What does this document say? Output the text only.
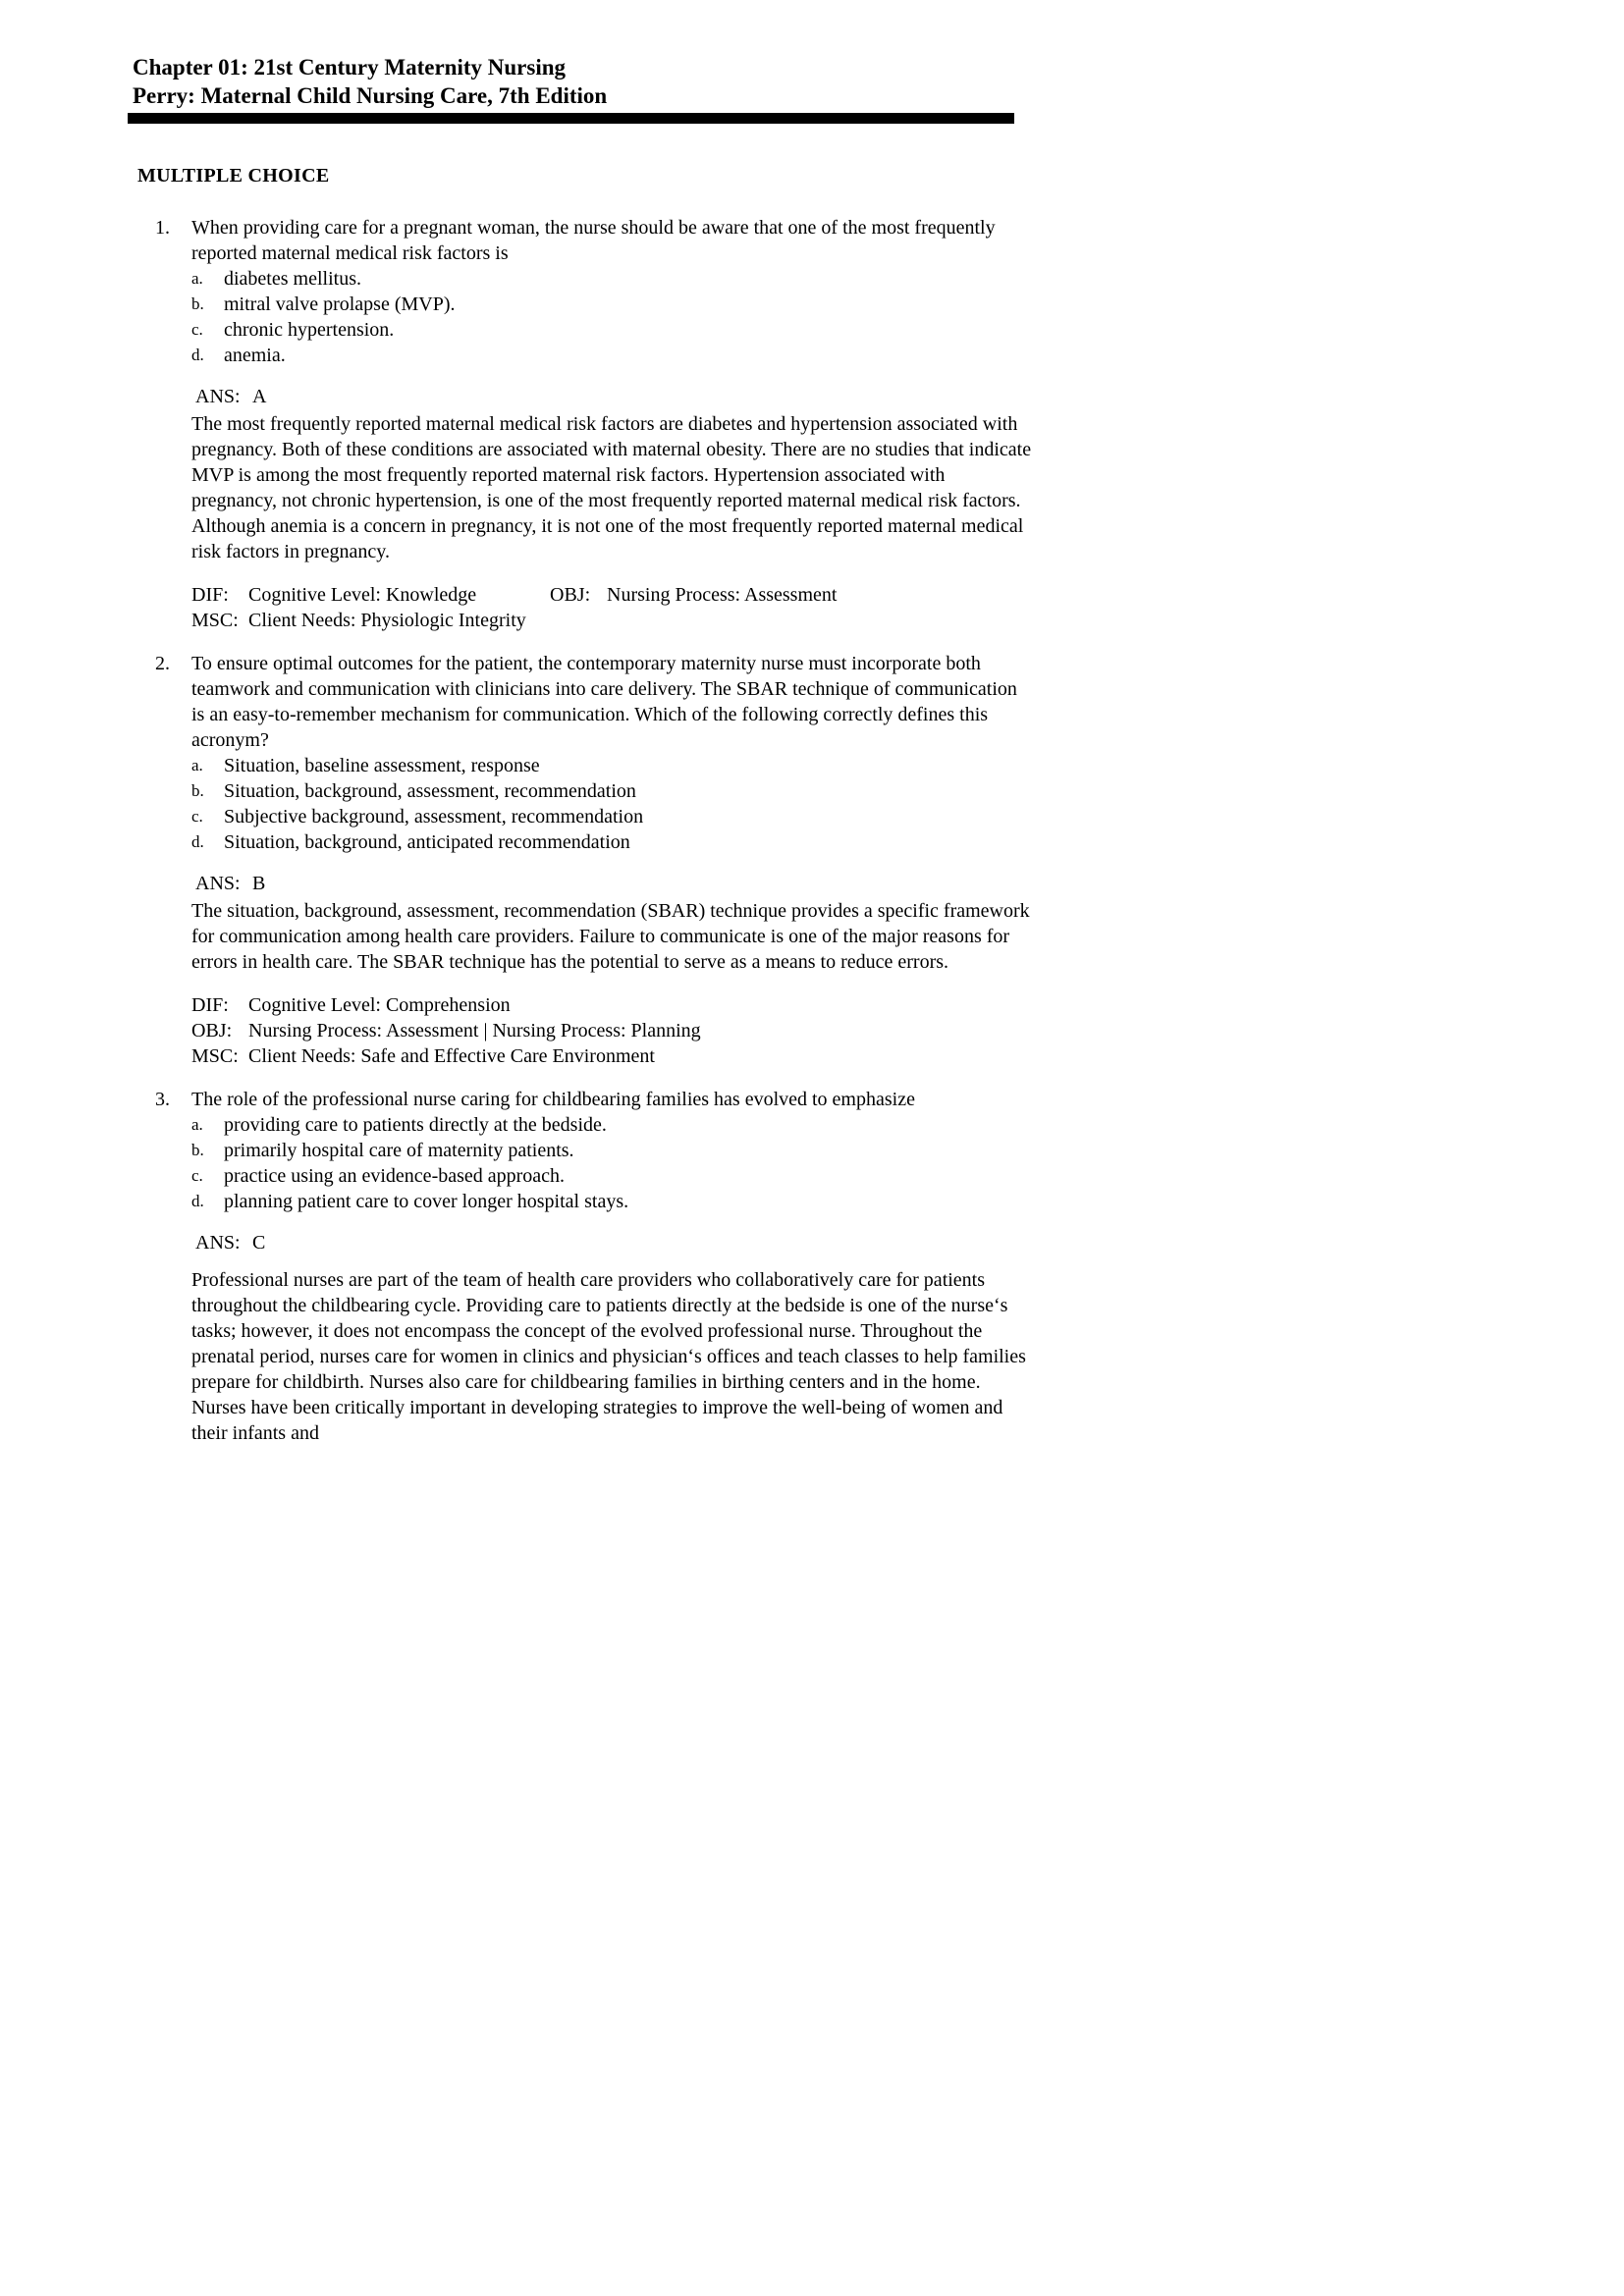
Chapter 01: 21st Century Maternity Nursing
Perry: Maternal Child Nursing Care, 7th Edition
MULTIPLE CHOICE
1.	When providing care for a pregnant woman, the nurse should be aware that one of the most frequently reported maternal medical risk factors is

a.	diabetes mellitus.
b.	mitral valve prolapse (MVP).
c.	chronic hypertension.
d.	anemia.

ANS: A

The most frequently reported maternal medical risk factors are diabetes and hypertension associated with pregnancy. Both of these conditions are associated with maternal obesity. There are no studies that indicate MVP is among the most frequently reported maternal risk factors. Hypertension associated with pregnancy, not chronic hypertension, is one of the most frequently reported maternal medical risk factors. Although anemia is a concern in pregnancy, it is not one of the most frequently reported maternal medical risk factors in pregnancy.

DIF:	Cognitive Level: Knowledge	OBJ: Nursing Process: Assessment
MSC: Client Needs: Physiologic Integrity
2.	To ensure optimal outcomes for the patient, the contemporary maternity nurse must incorporate both teamwork and communication with clinicians into care delivery. The SBAR technique of communication is an easy-to-remember mechanism for communication. Which of the following correctly defines this acronym?

a.	Situation, baseline assessment, response
b.	Situation, background, assessment, recommendation
c.	Subjective background, assessment, recommendation
d.	Situation, background, anticipated recommendation

ANS: B

The situation, background, assessment, recommendation (SBAR) technique provides a specific framework for communication among health care providers. Failure to communicate is one of the major reasons for errors in health care. The SBAR technique has the potential to serve as a means to reduce errors.

DIF:	Cognitive Level: Comprehension
OBJ: Nursing Process: Assessment | Nursing Process: Planning
MSC: Client Needs: Safe and Effective Care Environment
3.	The role of the professional nurse caring for childbearing families has evolved to emphasize

a.	providing care to patients directly at the bedside.
b.	primarily hospital care of maternity patients.
c.	practice using an evidence-based approach.
d.	planning patient care to cover longer hospital stays.

ANS: C

Professional nurses are part of the team of health care providers who collaboratively care for patients throughout the childbearing cycle. Providing care to patients directly at the bedside is one of the nurse‘s tasks; however, it does not encompass the concept of the evolved professional nurse. Throughout the prenatal period, nurses care for women in clinics and physician‘s offices and teach classes to help families prepare for childbirth. Nurses also care for childbearing families in birthing centers and in the home. Nurses have been critically important in developing strategies to improve the well-being of women and their infants and
